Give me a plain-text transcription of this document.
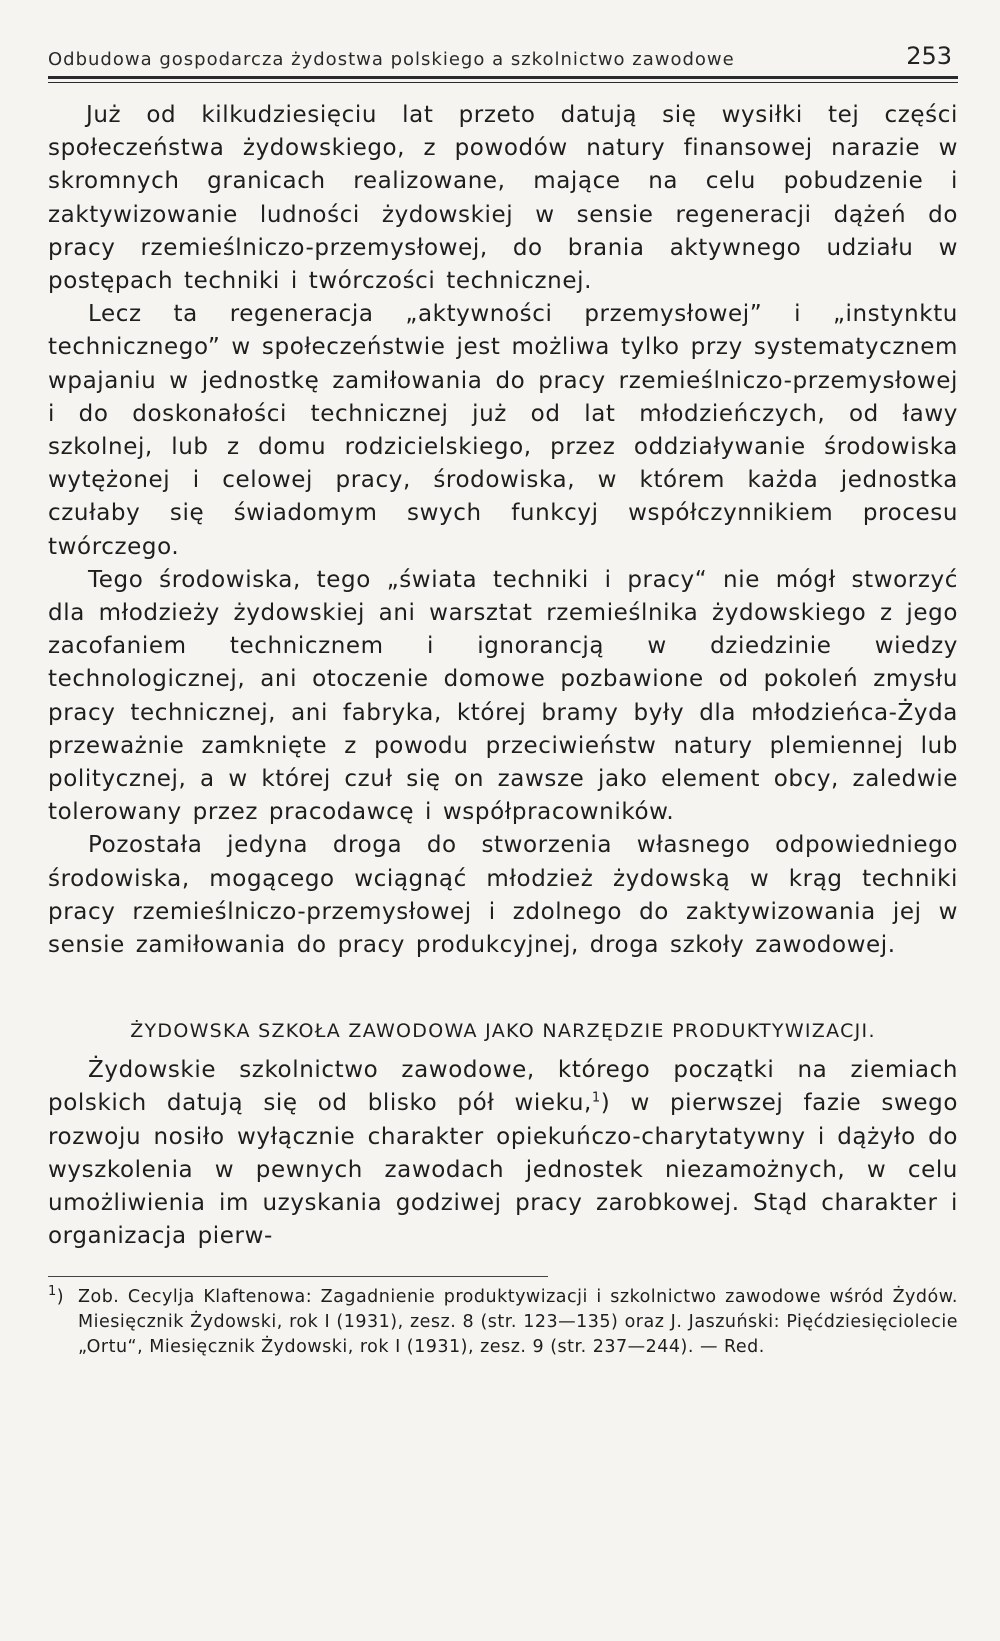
Odbudowa gospodarcza żydostwa polskiego a szkolnictwo zawodowe	253

Już od kilkudziesięciu lat przeto datują się wysiłki tej części społeczeństwa żydowskiego, z powodów natury finansowej narazie w skromnych granicach realizowane, mające na celu pobudzenie i zaktywizowanie ludności żydowskiej w sensie regeneracji dążeń do pracy rzemieślniczo-przemysłowej, do brania aktywnego udziału w postępach techniki i twórczości technicznej.

Lecz ta regeneracja „aktywności przemysłowej” i „instynktu technicznego” w społeczeństwie jest możliwa tylko przy systematycznem wpajaniu w jednostkę zamiłowania do pracy rzemieślniczo-przemysłowej i do doskonałości technicznej już od lat młodzieńczych, od ławy szkolnej, lub z domu rodzicielskiego, przez oddziaływanie środowiska wytężonej i celowej pracy, środowiska, w którem każda jednostka czułaby się świadomym swych funkcyj współczynnikiem procesu twórczego.

Tego środowiska, tego „świata techniki i pracy“ nie mógł stworzyć dla młodzieży żydowskiej ani warsztat rzemieślnika żydowskiego z jego zacofaniem technicznem i ignorancją w dziedzinie wiedzy technologicznej, ani otoczenie domowe pozbawione od pokoleń zmysłu pracy technicznej, ani fabryka, której bramy były dla młodzieńca-Żyda przeważnie zamknięte z powodu przeciwieństw natury plemiennej lub politycznej, a w której czuł się on zawsze jako element obcy, zaledwie tolerowany przez pracodawcę i współpracowników.

Pozostała jedyna droga do stworzenia własnego odpowiedniego środowiska, mogącego wciągnąć młodzież żydowską w krąg techniki pracy rzemieślniczo-przemysłowej i zdolnego do zaktywizowania jej w sensie zamiłowania do pracy produkcyjnej, droga szkoły zawodowej.

ŻYDOWSKA SZKOŁA ZAWODOWA JAKO NARZĘDZIE PRODUKTYWIZACJI.

Żydowskie szkolnictwo zawodowe, którego początki na ziemiach polskich datują się od blisko pół wieku,$^1$) w pierwszej fazie swego rozwoju nosiło wyłącznie charakter opiekuńczo-charytatywny i dążyło do wyszkolenia w pewnych zawodach jednostek niezamożnych, w celu umożliwienia im uzyskania godziwej pracy zarobkowej. Stąd charakter i organizacja pierw-

$^1$) Zob. Cecylja Klaftenowa: Zagadnienie produktywizacji i szkolnictwo zawodowe wśród Żydów. Miesięcznik Żydowski, rok I (1931), zesz. 8 (str. 123—135) oraz J. Jaszuński: Pięćdziesięciolecie „Ortu“, Miesięcznik Żydowski, rok I (1931), zesz. 9 (str. 237—244). — Red.
